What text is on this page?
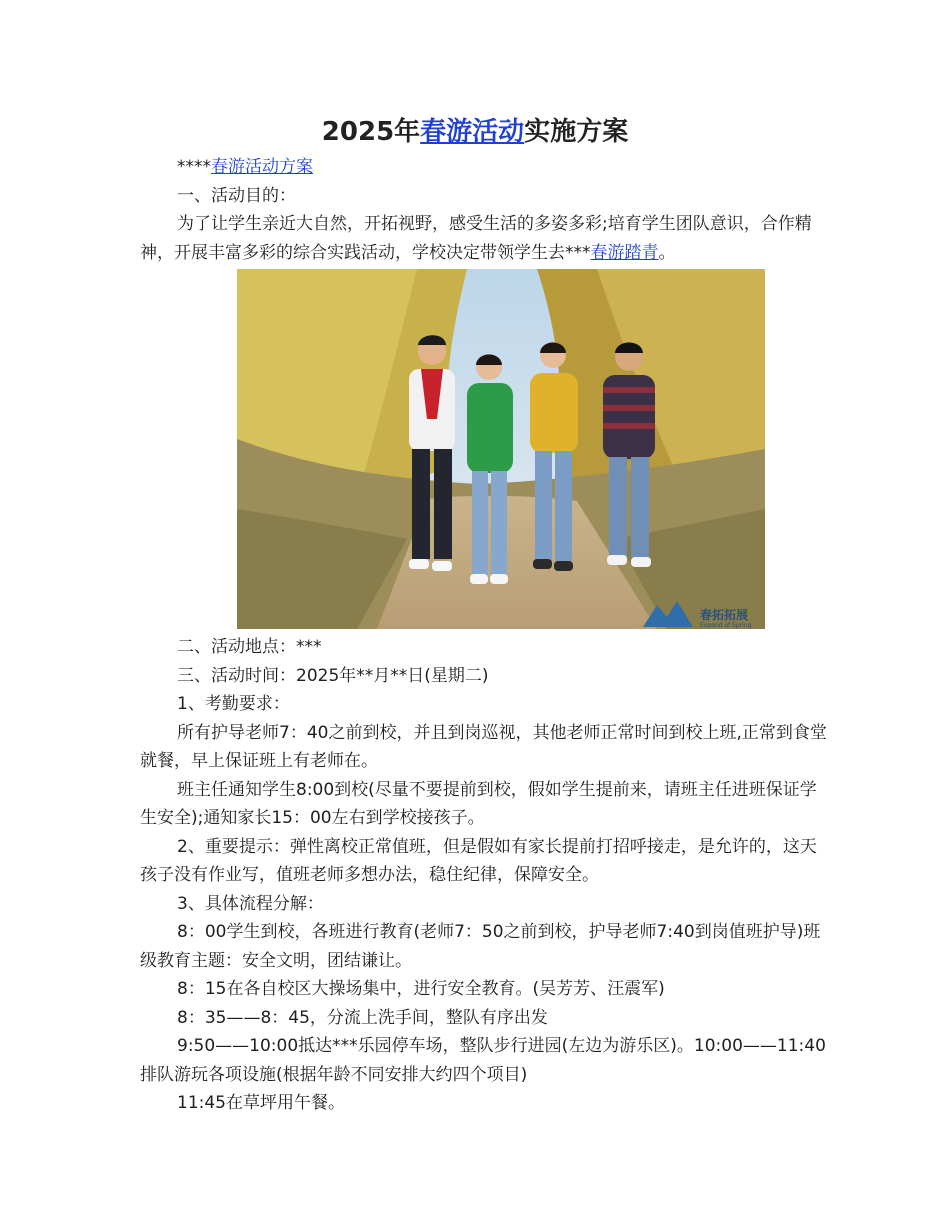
2025年春游活动实施方案

****春游活动方案

一、活动目的：

为了让学生亲近大自然，开拓视野，感受生活的多姿多彩;培育学生团队意识，合作精神，开展丰富多彩的综合实践活动，学校决定带领学生去***春游踏青。

春拓拓展
Expend of Spring

二、活动地点：***

三、活动时间：2025年**月**日(星期二)

1、考勤要求：

所有护导老师7：40之前到校，并且到岗巡视，其他老师正常时间到校上班,正常到食堂就餐，早上保证班上有老师在。

班主任通知学生8:00到校(尽量不要提前到校，假如学生提前来，请班主任进班保证学生安全);通知家长15：00左右到学校接孩子。

2、重要提示：弹性离校正常值班，但是假如有家长提前打招呼接走，是允许的，这天孩子没有作业写，值班老师多想办法，稳住纪律，保障安全。

3、具体流程分解：

8：00学生到校，各班进行教育(老师7：50之前到校，护导老师7:40到岗值班护导)班级教育主题：安全文明，团结谦让。

8：15在各自校区大操场集中，进行安全教育。(吴芳芳、汪震军)

8：35——8：45，分流上洗手间，整队有序出发

9:50——10:00抵达***乐园停车场，整队步行进园(左边为游乐区)。10:00——11:40排队游玩各项设施(根据年龄不同安排大约四个项目)

11:45在草坪用午餐。
